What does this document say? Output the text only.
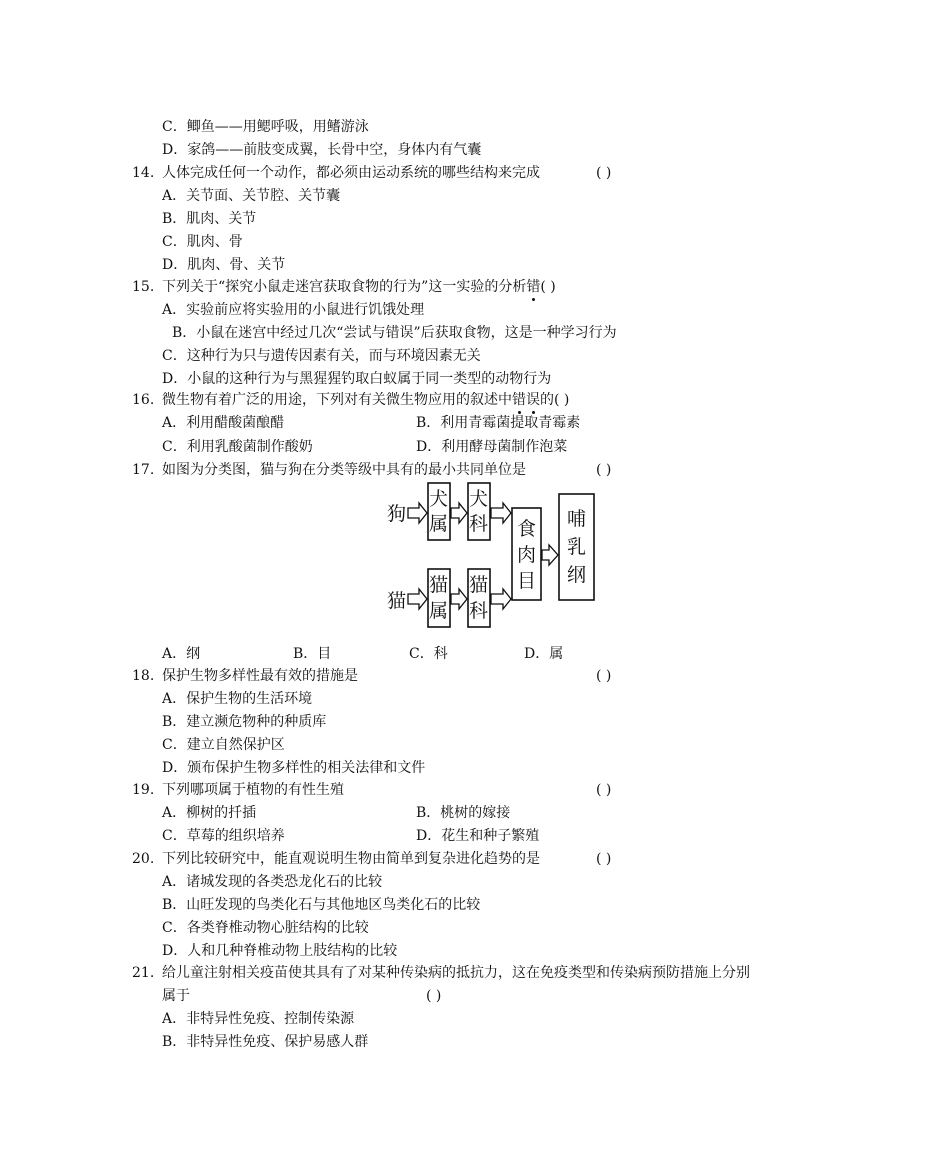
C．鲫鱼——用鳃呼吸，用鳍游泳
D．家鸽——前肢变成翼，长骨中空，身体内有气囊
14. 人体完成任何一个动作，都必须由运动系统的哪些结构来完成	( )
A．关节面、关节腔、关节囊
B．肌肉、关节
C．肌肉、骨
D．肌肉、骨、关节
15. 下列关于“探究小鼠走迷宫获取食物的行为”这一实验的分析错( )
A．实验前应将实验用的小鼠进行饥饿处理
B．小鼠在迷宫中经过几次“尝试与错误”后获取食物，这是一种学习行为
C．这种行为只与遗传因素有关，而与环境因素无关
D．小鼠的这种行为与黑猩猩钓取白蚁属于同一类型的动物行为
16. 微生物有着广泛的用途，下列对有关微生物应用的叙述中错误的( )
A．利用醋酸菌酿醋	B．利用青霉菌提取青霉素
C．利用乳酸菌制作酸奶	D．利用酵母菌制作泡菜
17. 如图为分类图，猫与狗在分类等级中具有的最小共同单位是	( )
狗
犬
属
犬
科
猫
猫
属
猫
科
食
肉
目
哺
乳
纲
A．纲	B．目	C．科	D．属
18. 保护生物多样性最有效的措施是	( )
A．保护生物的生活环境
B．建立濒危物种的种质库
C．建立自然保护区
D．颁布保护生物多样性的相关法律和文件
19. 下列哪项属于植物的有性生殖	( )
A．柳树的扦插	B．桃树的嫁接
C．草莓的组织培养	D．花生和种子繁殖
20. 下列比较研究中，能直观说明生物由简单到复杂进化趋势的是	( )
A．诸城发现的各类恐龙化石的比较
B．山旺发现的鸟类化石与其他地区鸟类化石的比较
C．各类脊椎动物心脏结构的比较
D．人和几种脊椎动物上肢结构的比较
21. 给儿童注射相关疫苗使其具有了对某种传染病的抵抗力，这在免疫类型和传染病预防措施上分别
属于	( )
A．非特异性免疫、控制传染源
B．非特异性免疫、保护易感人群
